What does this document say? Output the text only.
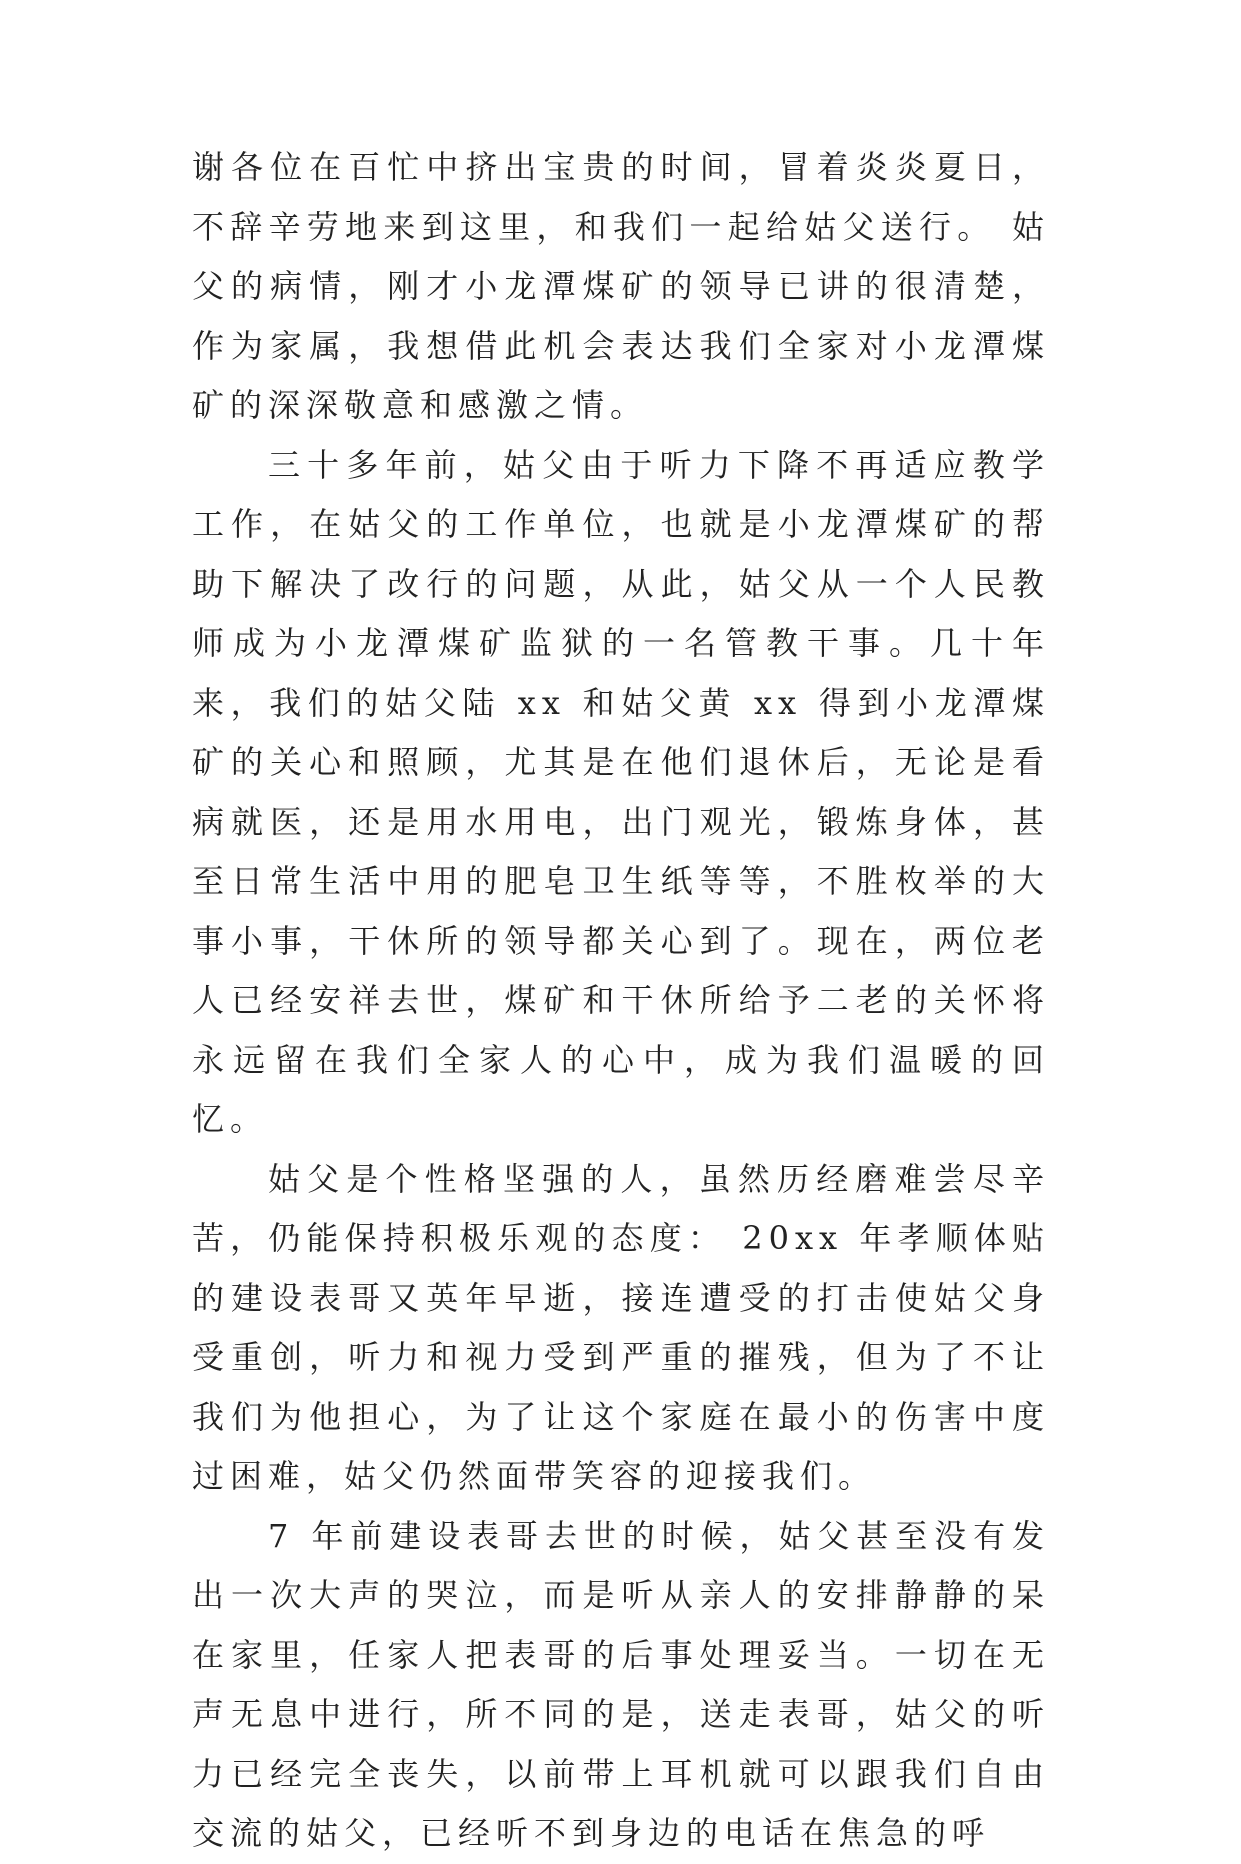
谢各位在百忙中挤出宝贵的时间，冒着炎炎夏日，不辞辛劳地来到这里，和我们一起给姑父送行。 姑父的病情，刚才小龙潭煤矿的领导已讲的很清楚，作为家属，我想借此机会表达我们全家对小龙潭煤矿的深深敬意和感激之情。

三十多年前，姑父由于听力下降不再适应教学工作，在姑父的工作单位，也就是小龙潭煤矿的帮助下解决了改行的问题，从此，姑父从一个人民教师成为小龙潭煤矿监狱的一名管教干事。几十年来，我们的姑父陆 xx 和姑父黄 xx 得到小龙潭煤矿的关心和照顾，尤其是在他们退休后，无论是看病就医，还是用水用电，出门观光，锻炼身体，甚至日常生活中用的肥皂卫生纸等等，不胜枚举的大事小事，干休所的领导都关心到了。现在，两位老人已经安祥去世，煤矿和干休所给予二老的关怀将永远留在我们全家人的心中，成为我们温暖的回忆。

姑父是个性格坚强的人，虽然历经磨难尝尽辛苦，仍能保持积极乐观的态度： 20xx 年孝顺体贴的建设表哥又英年早逝，接连遭受的打击使姑父身受重创，听力和视力受到严重的摧残，但为了不让我们为他担心，为了让这个家庭在最小的伤害中度过困难，姑父仍然面带笑容的迎接我们。

7 年前建设表哥去世的时候，姑父甚至没有发出一次大声的哭泣，而是听从亲人的安排静静的呆在家里，任家人把表哥的后事处理妥当。一切在无声无息中进行，所不同的是，送走表哥，姑父的听力已经完全丧失，以前带上耳机就可以跟我们自由交流的姑父，已经听不到身边的电话在焦急的呼
